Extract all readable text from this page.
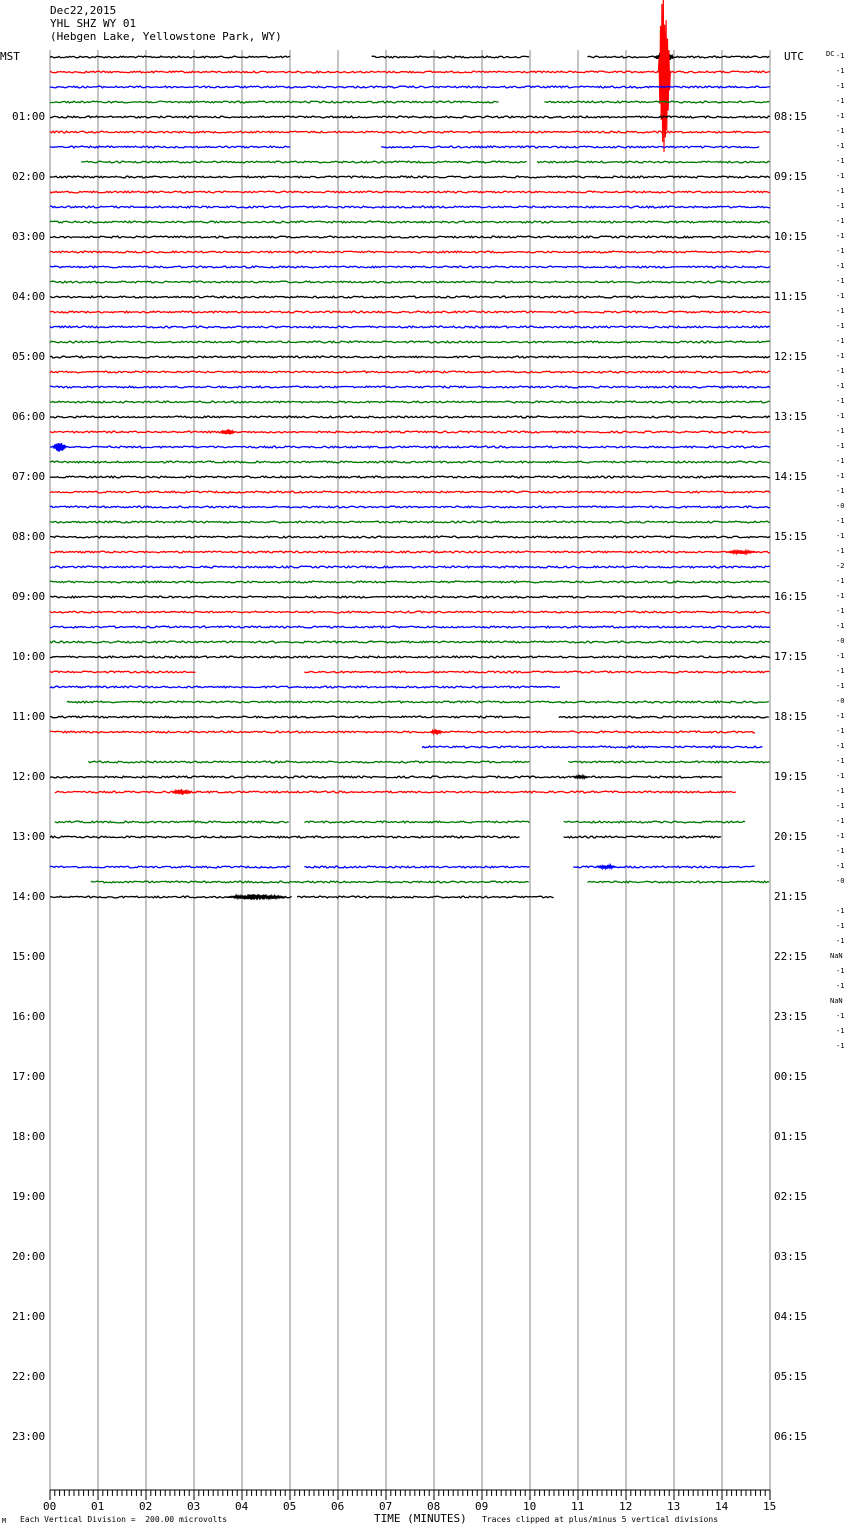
Dec22,2015
YHL SHZ WY 01
(Hebgen Lake, Yellowstone Park, WY)
MST	UTC	DC
01:00
02:00
03:00
04:00
05:00
06:00
07:00
08:00
09:00
10:00
11:00
12:00
13:00
14:00
15:00
16:00
17:00
18:00
19:00
20:00
21:00
22:00
23:00
08:15
09:15
10:15
11:15
12:15
13:15
14:15
15:15
16:15
17:15
18:15
19:15
20:15
21:15
22:15
23:15
00:15
01:15
02:15
03:15
04:15
05:15
06:15
-1
-1
-1
-1
-1
-1
-1
-1
-1
-1
-1
-1
-1
-1
-1
-1
-1
-1
-1
-1
-1
-1
-1
-1
-1
-1
-1
-1
-1
-1
-0
-1
-1
-1
-2
-1
-1
-1
-1
-0
-1
-1
-1
-0
-1
-1
-1
-1
-1
-1
-1
-1
-1
-1
-1
-0
-1
-1
-1
NaN
-1
-1
NaN
-1
-1
-1
00	01	02	03	04	05	06	07	08	09	10	11	12	13	14	15
M Each Vertical Division =  200.00 microvolts	TIME (MINUTES) Traces clipped at plus/minus 5 vertical divisions
